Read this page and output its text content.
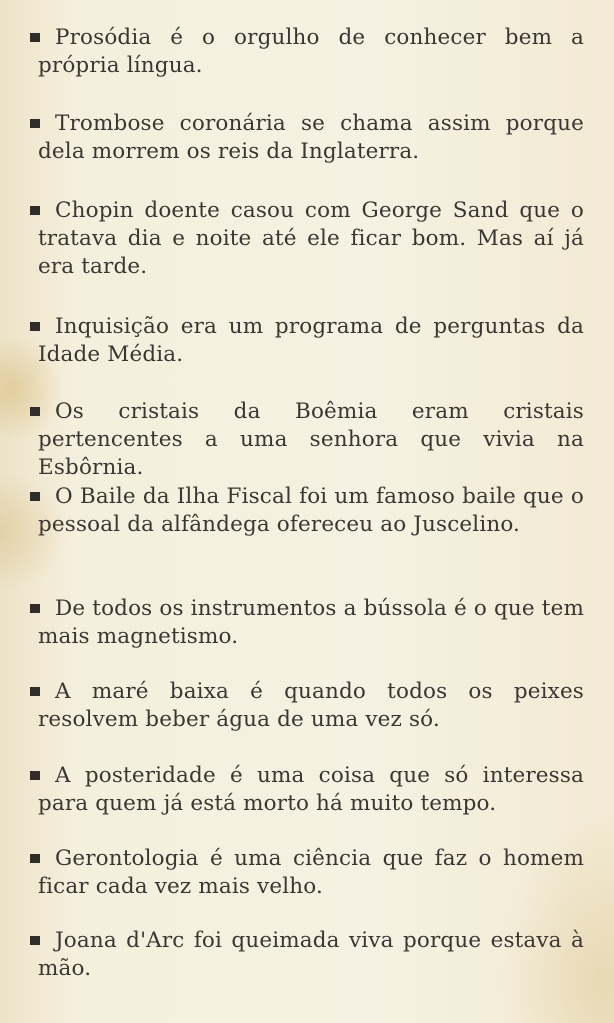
Prosódia é o orgulho de conhecer bem a própria língua.

Trombose coronária se chama assim porque dela morrem os reis da Inglaterra.

Chopin doente casou com George Sand que o tratava dia e noite até ele ficar bom. Mas aí já era tarde.

Inquisição era um programa de perguntas da Idade Média.

Os cristais da Boêmia eram cristais pertencentes a uma senhora que vivia na Esbôrnia.

O Baile da Ilha Fiscal foi um famoso baile que o pessoal da alfândega ofereceu ao Juscelino.

De todos os instrumentos a bússola é o que tem mais magnetismo.

A maré baixa é quando todos os peixes resolvem beber água de uma vez só.

A posteridade é uma coisa que só interessa para quem já está morto há muito tempo.

Gerontologia é uma ciência que faz o homem ficar cada vez mais velho.

Joana d'Arc foi queimada viva porque estava à mão.
